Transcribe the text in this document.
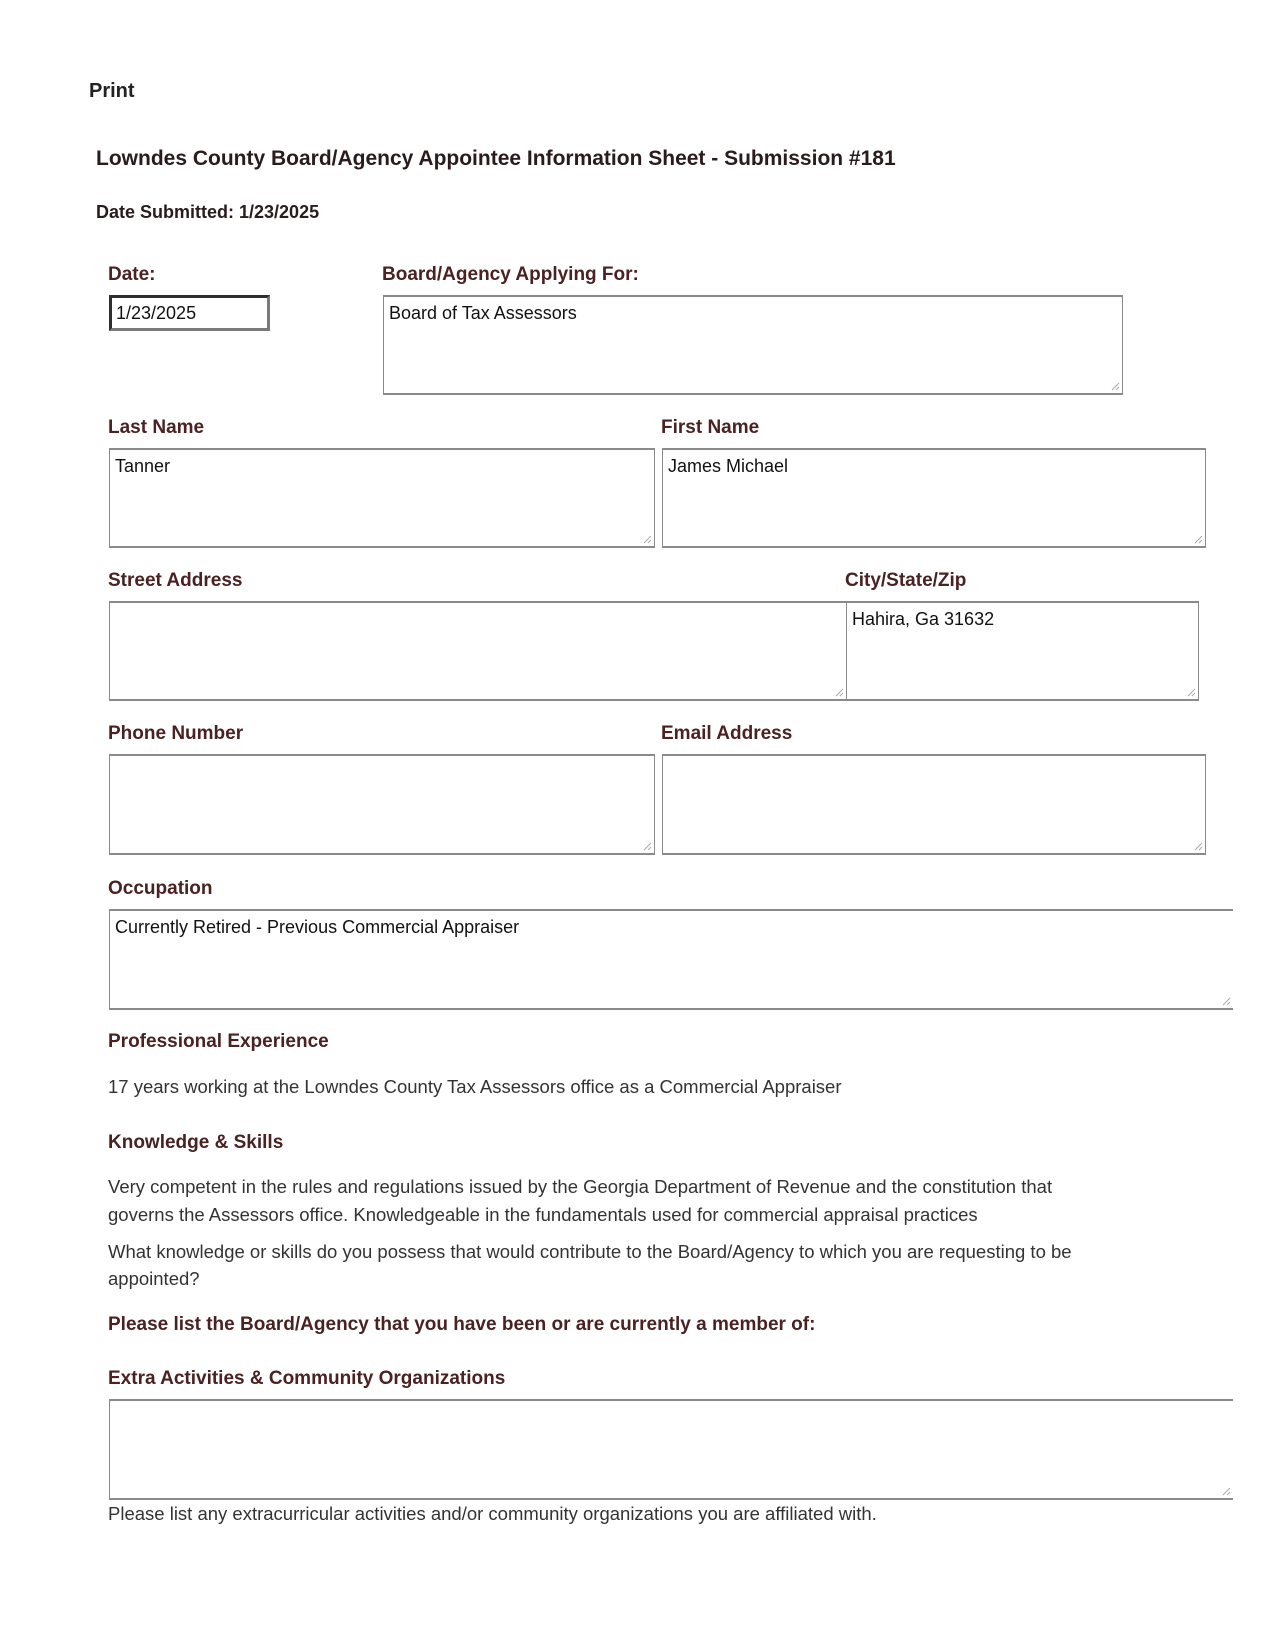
Print
Lowndes County Board/Agency Appointee Information Sheet - Submission #181
Date Submitted: 1/23/2025
Date:
1/23/2025
Board/Agency Applying For:
Board of Tax Assessors
Last Name
Tanner
First Name
James Michael
Street Address	City/State/Zip
Hahira, Ga 31632
Phone Number	Email Address
Occupation
Currently Retired - Previous Commercial Appraiser
Professional Experience
17 years working at the Lowndes County Tax Assessors office as a Commercial Appraiser
Knowledge & Skills
Very competent in the rules and regulations issued by the Georgia Department of Revenue and the constitution that
governs the Assessors office. Knowledgeable in the fundamentals used for commercial appraisal practices
What knowledge or skills do you possess that would contribute to the Board/Agency to which you are requesting to be
appointed?
Please list the Board/Agency that you have been or are currently a member of:
Extra Activities & Community Organizations
Please list any extracurricular activities and/or community organizations you are affiliated with.
